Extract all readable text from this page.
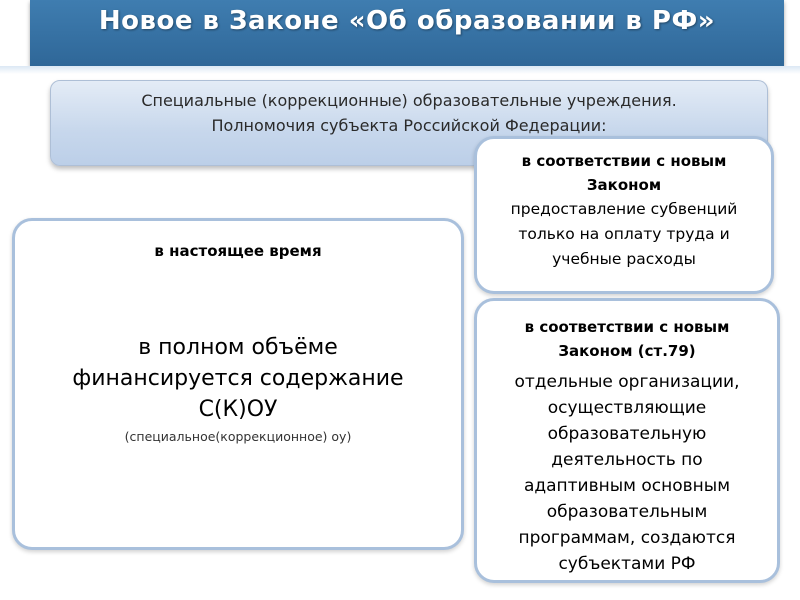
Новое в Законе «Об образовании в РФ»
Специальные (коррекционные) образовательные учреждения.
Полномочия субъекта Российской Федерации:
в настоящее время
в полном объёме
финансируется содержание
С(К)ОУ
(специальное(коррекционное) оу)
в соответствии с новым
Законом
предоставление субвенций
только на оплату труда и
учебные расходы
в соответствии с новым
Законом (ст.79)
отдельные организации,
осуществляющие
образовательную
деятельность по
адаптивным основным
образовательным
программам, создаются
субъектами РФ
